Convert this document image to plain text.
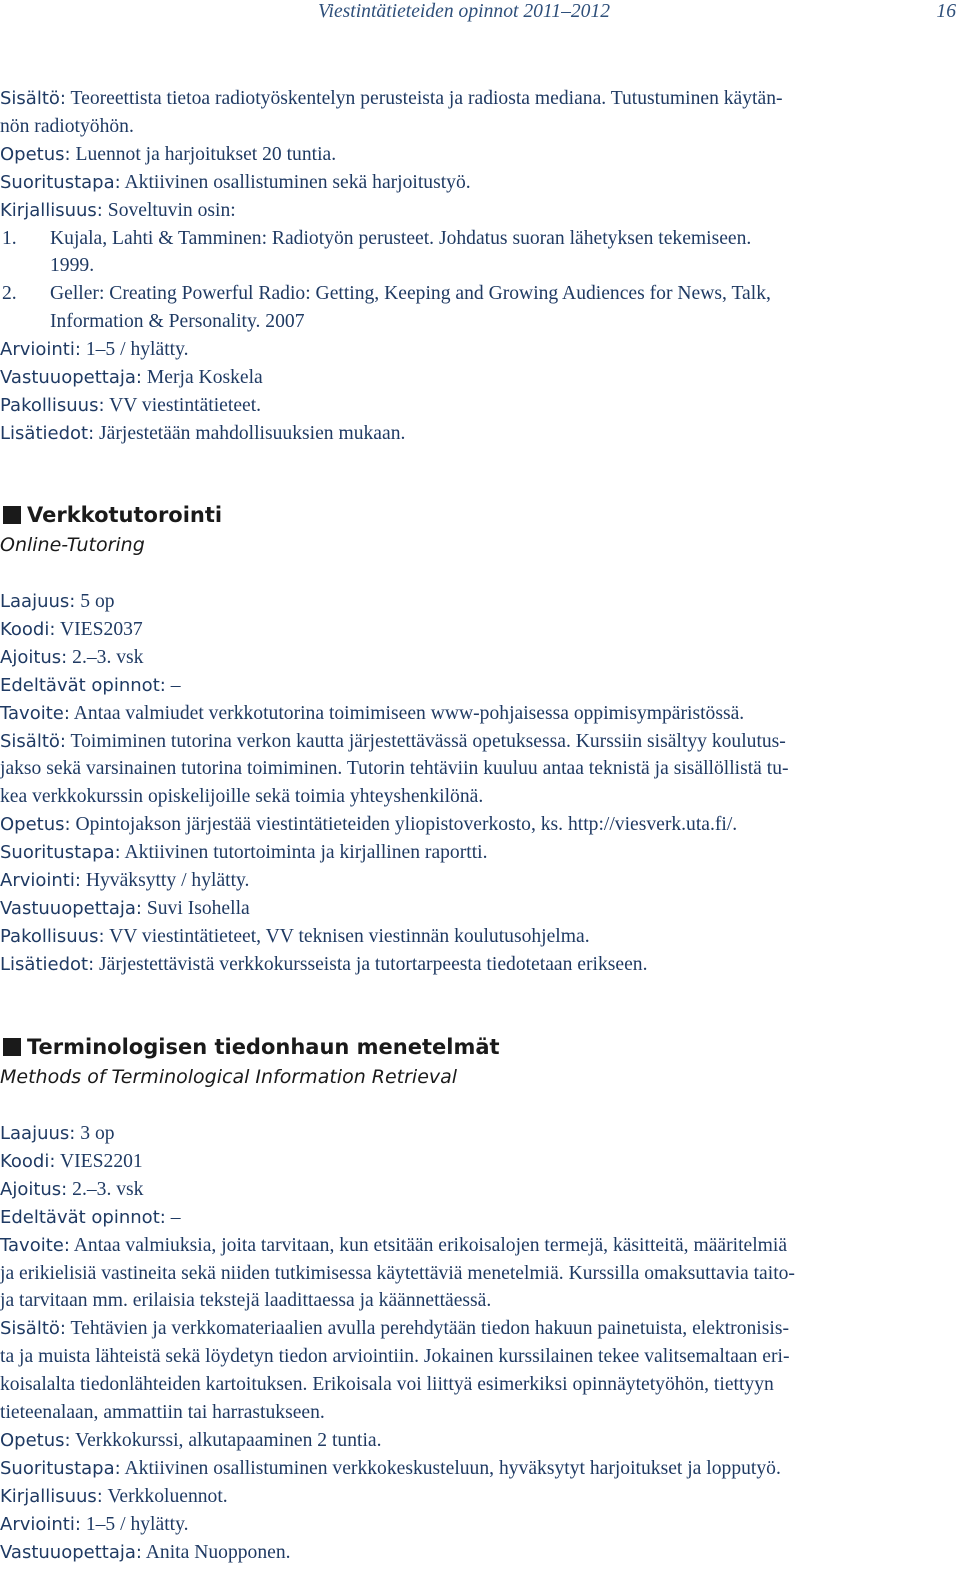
Viestintätieteiden opinnot 2011–2012	16
Sisältö: Teoreettista tietoa radiotyöskentelyn perusteista ja radiosta mediana. Tutustuminen käytän-
nön radiotyöhön.
Opetus: Luennot ja harjoitukset 20 tuntia.
Suoritustapa: Aktiivinen osallistuminen sekä harjoitustyö.
Kirjallisuus: Soveltuvin osin:
1. Kujala, Lahti & Tamminen: Radiotyön perusteet. Johdatus suoran lähetyksen tekemiseen.
1999.
2. Geller: Creating Powerful Radio: Getting, Keeping and Growing Audiences for News, Talk,
Information & Personality. 2007
Arviointi: 1–5 / hylätty.
Vastuuopettaja: Merja Koskela
Pakollisuus: VV viestintätieteet.
Lisätiedot: Järjestetään mahdollisuuksien mukaan.
Verkkotutorointi
Online-Tutoring
Laajuus: 5 op
Koodi: VIES2037
Ajoitus: 2.–3. vsk
Edeltävät opinnot: –
Tavoite: Antaa valmiudet verkkotutorina toimimiseen www-pohjaisessa oppimisympäristössä.
Sisältö: Toimiminen tutorina verkon kautta järjestettävässä opetuksessa. Kurssiin sisältyy koulutus-
jakso sekä varsinainen tutorina toimiminen. Tutorin tehtäviin kuuluu antaa teknistä ja sisällöllistä tu-
kea verkkokurssin opiskelijoille sekä toimia yhteyshenkilönä.
Opetus: Opintojakson järjestää viestintätieteiden yliopistoverkosto, ks. http://viesverk.uta.fi/.
Suoritustapa: Aktiivinen tutortoiminta ja kirjallinen raportti.
Arviointi: Hyväksytty / hylätty.
Vastuuopettaja: Suvi Isohella
Pakollisuus: VV viestintätieteet, VV teknisen viestinnän koulutusohjelma.
Lisätiedot: Järjestettävistä verkkokursseista ja tutortarpeesta tiedotetaan erikseen.
Terminologisen tiedonhaun menetelmät
Methods of Terminological Information Retrieval
Laajuus: 3 op
Koodi: VIES2201
Ajoitus: 2.–3. vsk
Edeltävät opinnot: –
Tavoite: Antaa valmiuksia, joita tarvitaan, kun etsitään erikoisalojen termejä, käsitteitä, määritelmiä
ja erikielisiä vastineita sekä niiden tutkimisessa käytettäviä menetelmiä. Kurssilla omaksuttavia taito-
ja tarvitaan mm. erilaisia tekstejä laadittaessa ja käännettäessä.
Sisältö: Tehtävien ja verkkomateriaalien avulla perehdytään tiedon hakuun painetuista, elektronisis-
ta ja muista lähteistä sekä löydetyn tiedon arviointiin. Jokainen kurssilainen tekee valitsemaltaan eri-
koisalalta tiedonlähteiden kartoituksen. Erikoisala voi liittyä esimerkiksi opinnäytetyöhön, tiettyyn
tieteenalaan, ammattiin tai harrastukseen.
Opetus: Verkkokurssi, alkutapaaminen 2 tuntia.
Suoritustapa: Aktiivinen osallistuminen verkkokeskusteluun, hyväksytyt harjoitukset ja lopputyö.
Kirjallisuus: Verkkoluennot.
Arviointi: 1–5 / hylätty.
Vastuuopettaja: Anita Nuopponen.
